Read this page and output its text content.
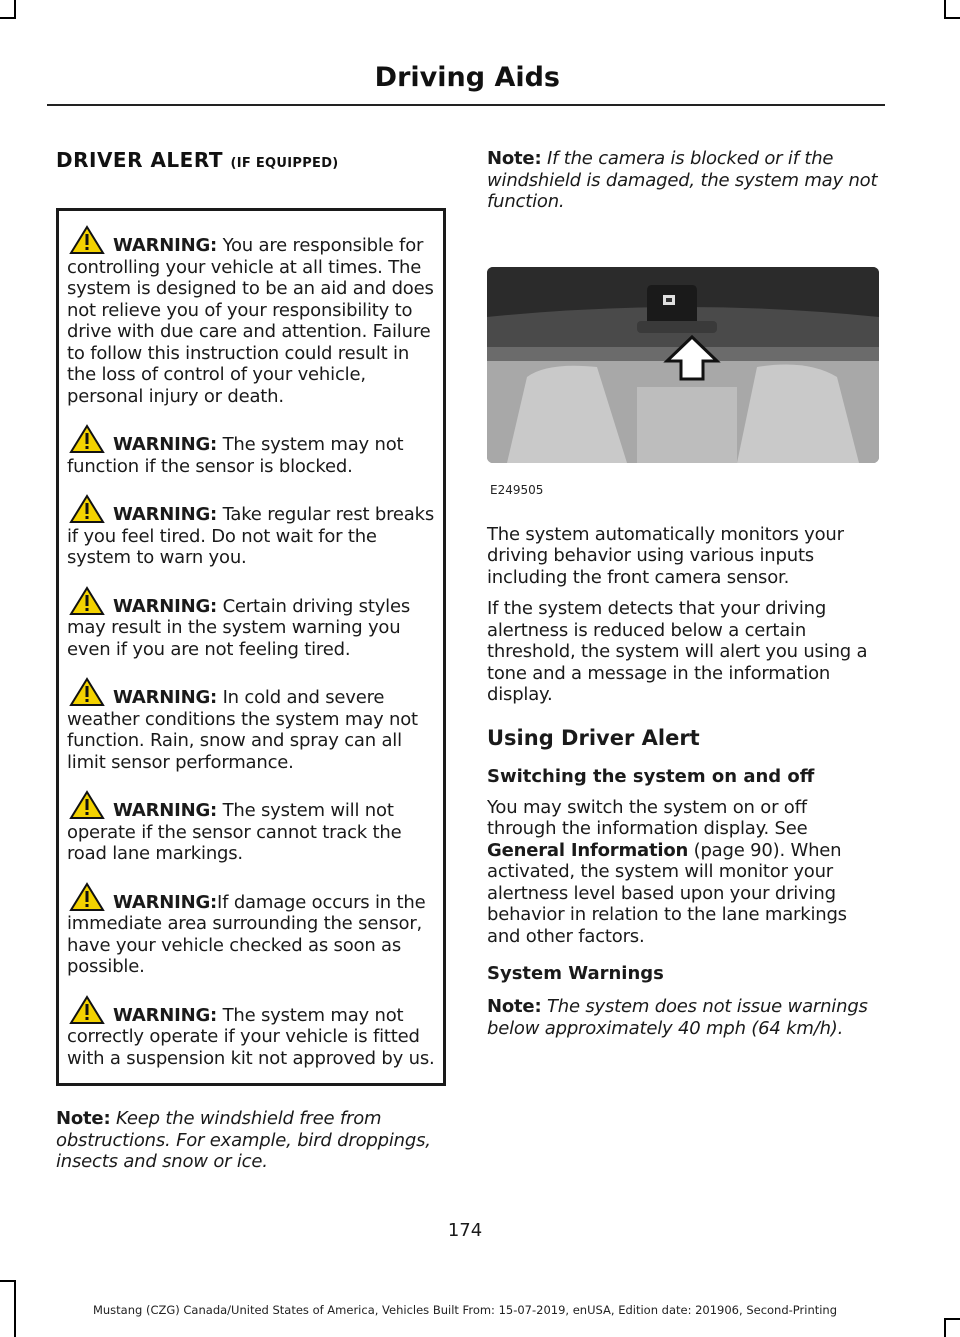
Driving Aids
DRIVER ALERT (IF EQUIPPED)
WARNING: You are responsible for controlling your vehicle at all times. The system is designed to be an aid and does not relieve you of your responsibility to drive with due care and attention. Failure to follow this instruction could result in the loss of control of your vehicle, personal injury or death.
WARNING: The system may not function if the sensor is blocked.
WARNING: Take regular rest breaks if you feel tired. Do not wait for the system to warn you.
WARNING: Certain driving styles may result in the system warning you even if you are not feeling tired.
WARNING: In cold and severe weather conditions the system may not function. Rain, snow and spray can all limit sensor performance.
WARNING: The system will not operate if the sensor cannot track the road lane markings.
WARNING:If damage occurs in the immediate area surrounding the sensor, have your vehicle checked as soon as possible.
WARNING: The system may not correctly operate if your vehicle is fitted with a suspension kit not approved by us.
Note: Keep the windshield free from obstructions. For example, bird droppings, insects and snow or ice.
Note: If the camera is blocked or if the windshield is damaged, the system may not function.
E249505
The system automatically monitors your driving behavior using various inputs including the front camera sensor.
If the system detects that your driving alertness is reduced below a certain threshold, the system will alert you using a tone and a message in the information display.
Using Driver Alert
Switching the system on and off
You may switch the system on or off through the information display. See General Information (page 90). When activated, the system will monitor your alertness level based upon your driving behavior in relation to the lane markings and other factors.
System Warnings
Note: The system does not issue warnings below approximately 40 mph (64 km/h).
174
Mustang (CZG) Canada/United States of America, Vehicles Built From: 15-07-2019, enUSA, Edition date: 201906, Second-Printing
